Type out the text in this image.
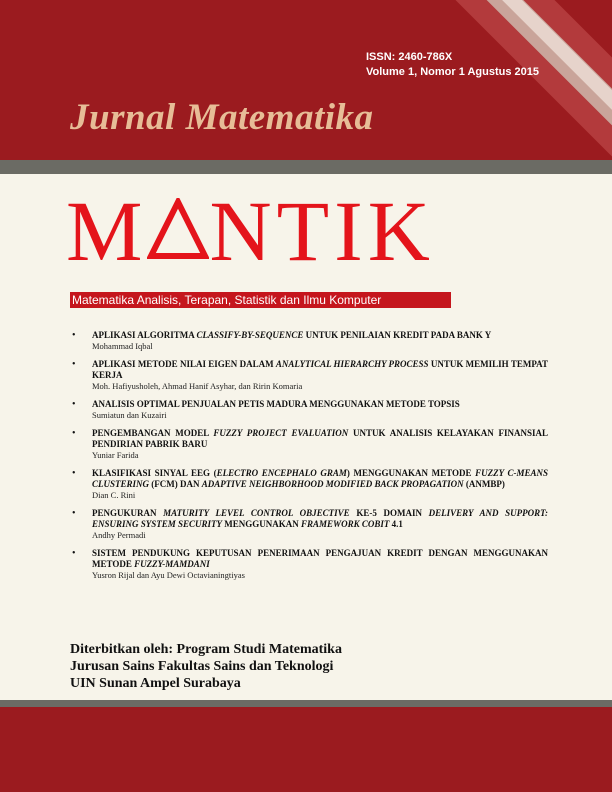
ISSN: 2460-786X
Volume 1, Nomor 1 Agustus 2015
Jurnal Matematika
M NTIK
Matematika Analisis, Terapan, Statistik dan Ilmu Komputer
• APLIKASI ALGORITMA CLASSIFY-BY-SEQUENCE UNTUK PENILAIAN KREDIT PADA BANK Y
Mohammad Iqbal
• APLIKASI METODE NILAI EIGEN DALAM ANALYTICAL HIERARCHY PROCESS UNTUK MEMILIH TEMPAT KERJA
Moh. Hafiyusholeh, Ahmad Hanif Asyhar, dan Ririn Komaria
• ANALISIS OPTIMAL PENJUALAN PETIS MADURA MENGGUNAKAN METODE TOPSIS
Sumiatun dan Kuzairi
• PENGEMBANGAN MODEL FUZZY PROJECT EVALUATION UNTUK ANALISIS KELAYAKAN FINANSIAL PENDIRIAN PABRIK BARU
Yuniar Farida
• KLASIFIKASI SINYAL EEG (ELECTRO ENCEPHALO GRAM) MENGGUNAKAN METODE FUZZY C-MEANS CLUSTERING (FCM) DAN ADAPTIVE NEIGHBORHOOD MODIFIED BACK PROPAGATION (ANMBP)
Dian C. Rini
• PENGUKURAN MATURITY LEVEL CONTROL OBJECTIVE KE-5 DOMAIN DELIVERY AND SUPPORT: ENSURING SYSTEM SECURITY MENGGUNAKAN FRAMEWORK COBIT 4.1
Andhy Permadi
• SISTEM PENDUKUNG KEPUTUSAN PENERIMAAN PENGAJUAN KREDIT DENGAN MENGGUNAKAN METODE FUZZY-MAMDANI
Yusron Rijal dan Ayu Dewi Octavianingtiyas
Diterbitkan oleh: Program Studi Matematika
Jurusan Sains Fakultas Sains dan Teknologi
UIN Sunan Ampel Surabaya
